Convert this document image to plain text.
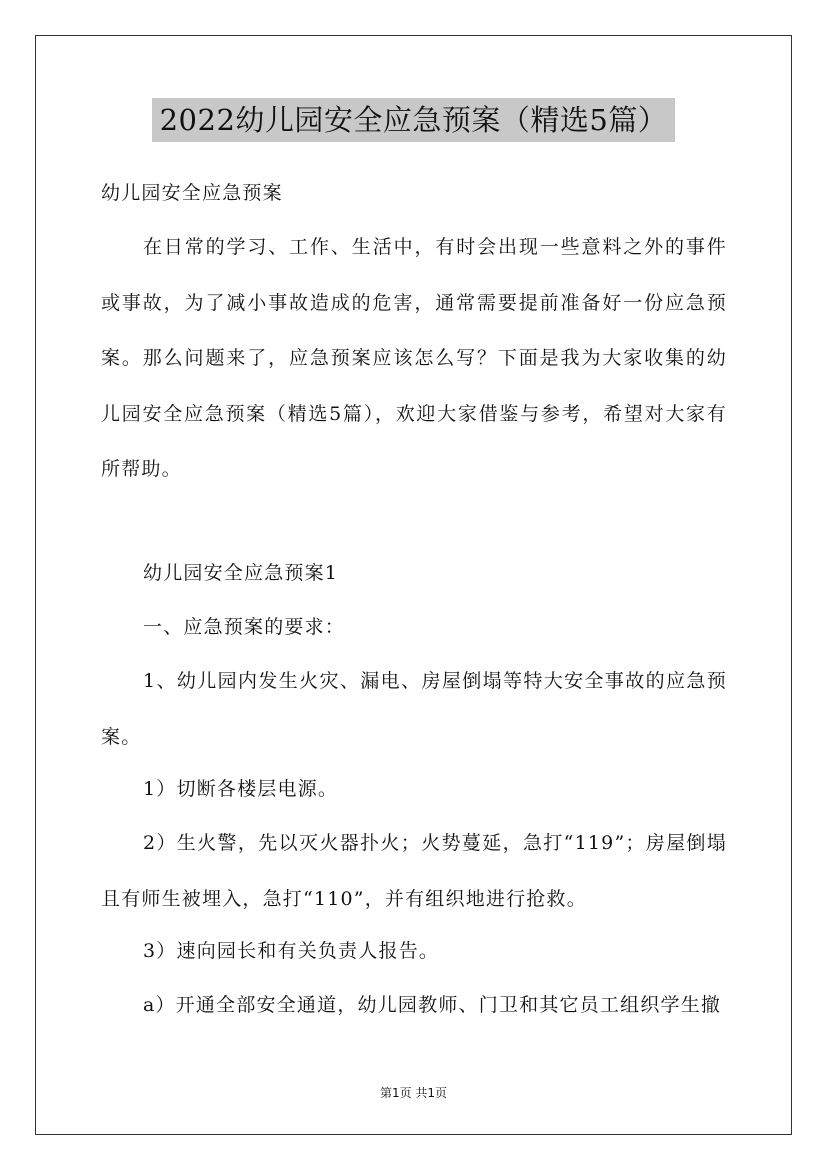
2022幼儿园安全应急预案（精选5篇）

幼儿园安全应急预案

在日常的学习、工作、生活中，有时会出现一些意料之外的事件或事故，为了减小事故造成的危害，通常需要提前准备好一份应急预案。那么问题来了，应急预案应该怎么写？下面是我为大家收集的幼儿园安全应急预案（精选5篇），欢迎大家借鉴与参考，希望对大家有所帮助。

幼儿园安全应急预案1

一、应急预案的要求：

1、幼儿园内发生火灾、漏电、房屋倒塌等特大安全事故的应急预案。

1）切断各楼层电源。

2）生火警，先以灭火器扑火；火势蔓延，急打“119”；房屋倒塌且有师生被埋入，急打“110”，并有组织地进行抢救。

3）速向园长和有关负责人报告。

a）开通全部安全通道，幼儿园教师、门卫和其它员工组织学生撤

第1页 共1页
